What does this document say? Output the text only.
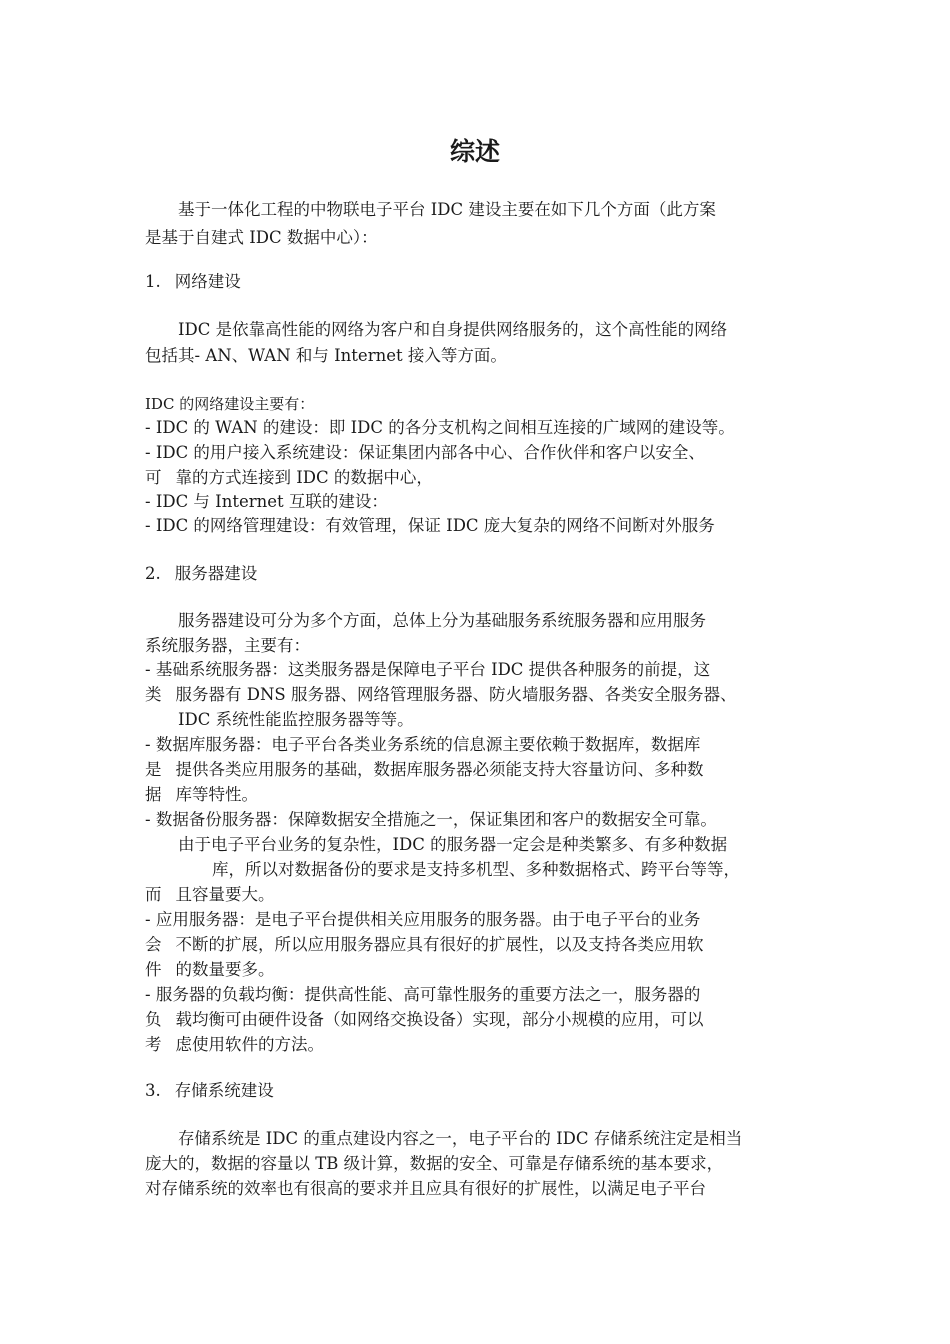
综述

基于一体化工程的中物联电子平台 IDC 建设主要在如下几个方面（此方案

是基于自建式 IDC 数据中心）：

1. 网络建设

IDC 是依靠高性能的网络为客户和自身提供网络服务的，这个高性能的网络

包括其- AN、WAN 和与 Internet 接入等方面。

IDC 的网络建设主要有：

- IDC 的 WAN 的建设：即 IDC 的各分支机构之间相互连接的广域网的建设等。

- IDC 的用户接入系统建设：保证集团内部各中心、合作伙伴和客户以安全、

可 靠的方式连接到 IDC 的数据中心，

- IDC 与 Internet 互联的建设：

- IDC 的网络管理建设：有效管理，保证 IDC 庞大复杂的网络不间断对外服务

2. 服务器建设

服务器建设可分为多个方面，总体上分为基础服务系统服务器和应用服务

系统服务器，主要有：

- 基础系统服务器：这类服务器是保障电子平台 IDC 提供各种服务的前提，这

类 服务器有 DNS 服务器、网络管理服务器、防火墙服务器、各类安全服务器、

IDC 系统性能监控服务器等等。

- 数据库服务器：电子平台各类业务系统的信息源主要依赖于数据库，数据库

是 提供各类应用服务的基础，数据库服务器必须能支持大容量访问、多种数

据 库等特性。

- 数据备份服务器：保障数据安全措施之一，保证集团和客户的数据安全可靠。

由于电子平台业务的复杂性，IDC 的服务器一定会是种类繁多、有多种数据

库，所以对数据备份的要求是支持多机型、多种数据格式、跨平台等等，

而 且容量要大。

- 应用服务器：是电子平台提供相关应用服务的服务器。由于电子平台的业务

会 不断的扩展，所以应用服务器应具有很好的扩展性，以及支持各类应用软

件 的数量要多。

- 服务器的负载均衡：提供高性能、高可靠性服务的重要方法之一，服务器的

负 载均衡可由硬件设备（如网络交换设备）实现，部分小规模的应用，可以

考 虑使用软件的方法。

3. 存储系统建设

存储系统是 IDC 的重点建设内容之一，电子平台的 IDC 存储系统注定是相当

庞大的，数据的容量以 TB 级计算，数据的安全、可靠是存储系统的基本要求，

对存储系统的效率也有很高的要求并且应具有很好的扩展性，以满足电子平台
